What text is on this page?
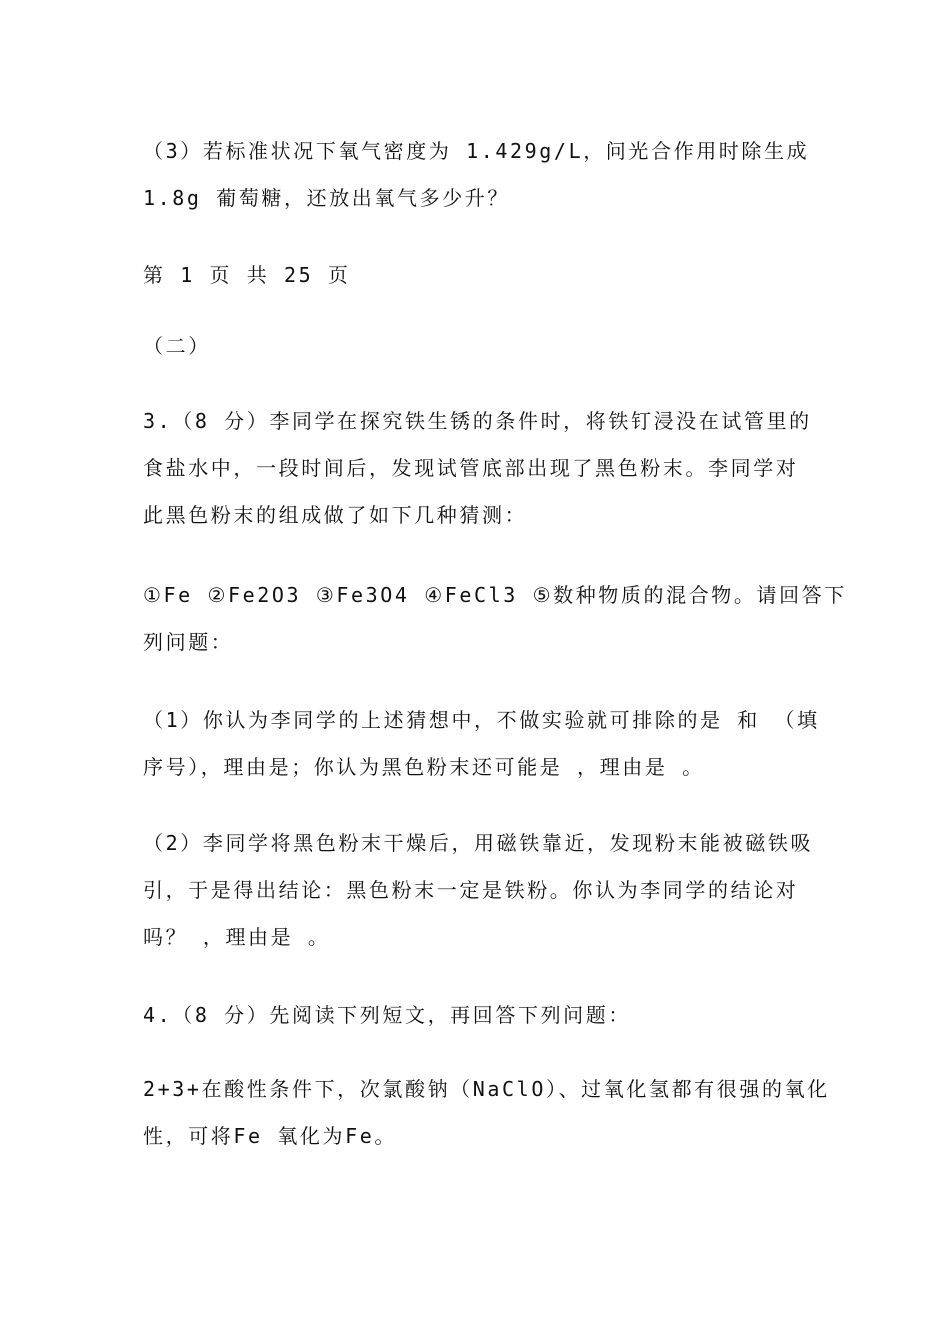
（3）若标准状况下氧气密度为 1.429g/L，问光合作用时除生成
1.8g 葡萄糖，还放出氧气多少升？
第 1 页 共 25 页
（二）
3.（8 分）李同学在探究铁生锈的条件时，将铁钉浸没在试管里的
食盐水中，一段时间后，发现试管底部出现了黑色粉末。李同学对
此黑色粉末的组成做了如下几种猜测：
①Fe ②Fe2O3 ③Fe3O4 ④FeCl3 ⑤数种物质的混合物。请回答下
列问题：
（1）你认为李同学的上述猜想中，不做实验就可排除的是 和 （填
序号），理由是；你认为黑色粉末还可能是 ，理由是 。
（2）李同学将黑色粉末干燥后，用磁铁靠近，发现粉末能被磁铁吸
引，于是得出结论：黑色粉末一定是铁粉。你认为李同学的结论对
吗？ ，理由是 。
4.（8 分）先阅读下列短文，再回答下列问题：
2+3+在酸性条件下，次氯酸钠（NaClO）、过氧化氢都有很强的氧化
性，可将Fe 氧化为Fe。
